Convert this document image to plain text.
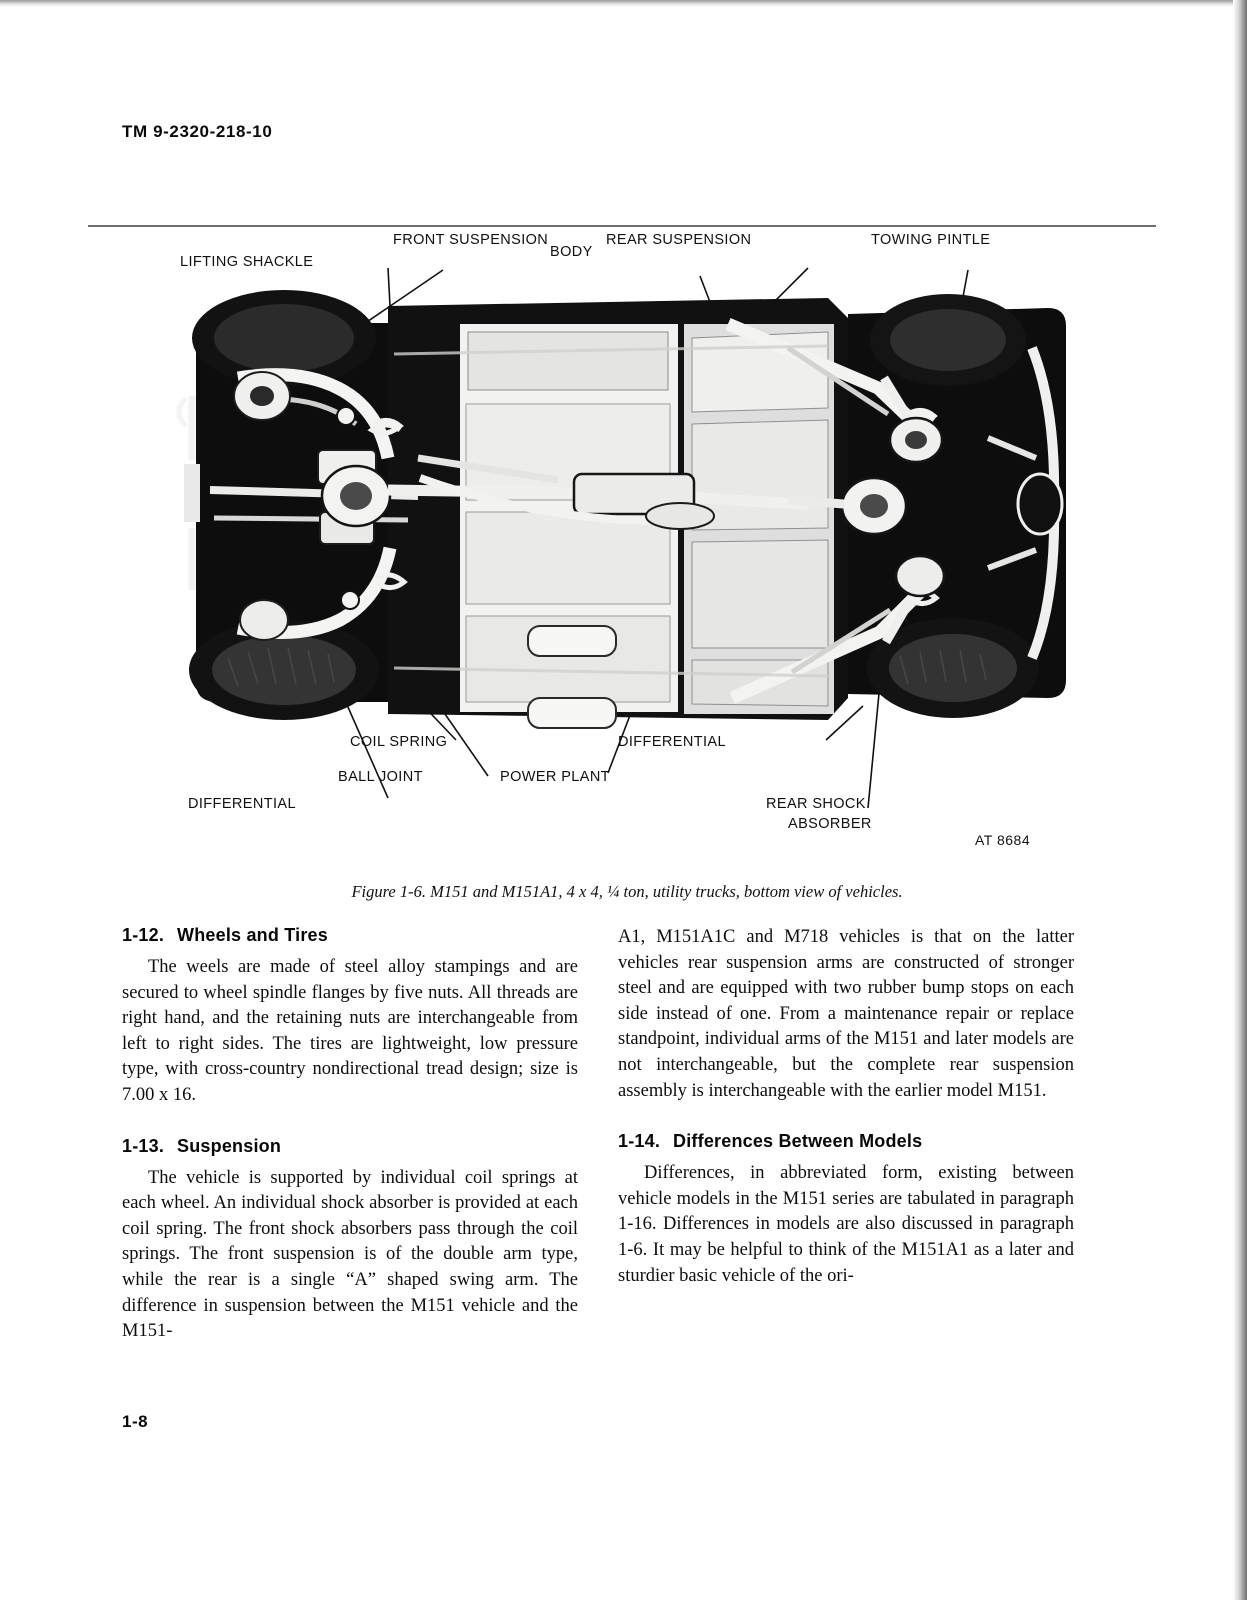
TM 9-2320-218-10
LIFTING SHACKLE
FRONT SUSPENSION
BODY
REAR SUSPENSION	TOWING PINTLE
COIL SPRING
BALL JOINT	POWER PLANT
DIFFERENTIAL
DIFFERENTIAL
REAR SHOCK
ABSORBER
AT 8684
Figure 1-6. M151 and M151A1, 4 x 4, ¼ ton, utility trucks, bottom view of vehicles.
1-12. Wheels and Tires

The weels are made of steel alloy stampings and are secured to wheel spindle flanges by five nuts. All threads are right hand, and the retaining nuts are interchangeable from left to right sides. The tires are lightweight, low pressure type, with cross-country nondirectional tread design; size is 7.00 x 16.

1-13. Suspension

The vehicle is supported by individual coil springs at each wheel. An individual shock absorber is provided at each coil spring. The front shock absorbers pass through the coil springs. The front suspension is of the double arm type, while the rear is a single “A” shaped swing arm. The difference in suspension between the M151 vehicle and the M151-

A1, M151A1C and M718 vehicles is that on the latter vehicles rear suspension arms are constructed of stronger steel and are equipped with two rubber bump stops on each side instead of one. From a maintenance repair or replace standpoint, individual arms of the M151 and later models are not interchangeable, but the complete rear suspension assembly is interchangeable with the earlier model M151.

1-14. Differences Between Models

Differences, in abbreviated form, existing between vehicle models in the M151 series are tabulated in paragraph 1-16. Differences in models are also discussed in paragraph 1-6. It may be helpful to think of the M151A1 as a later and sturdier basic vehicle of the ori-

1-8
